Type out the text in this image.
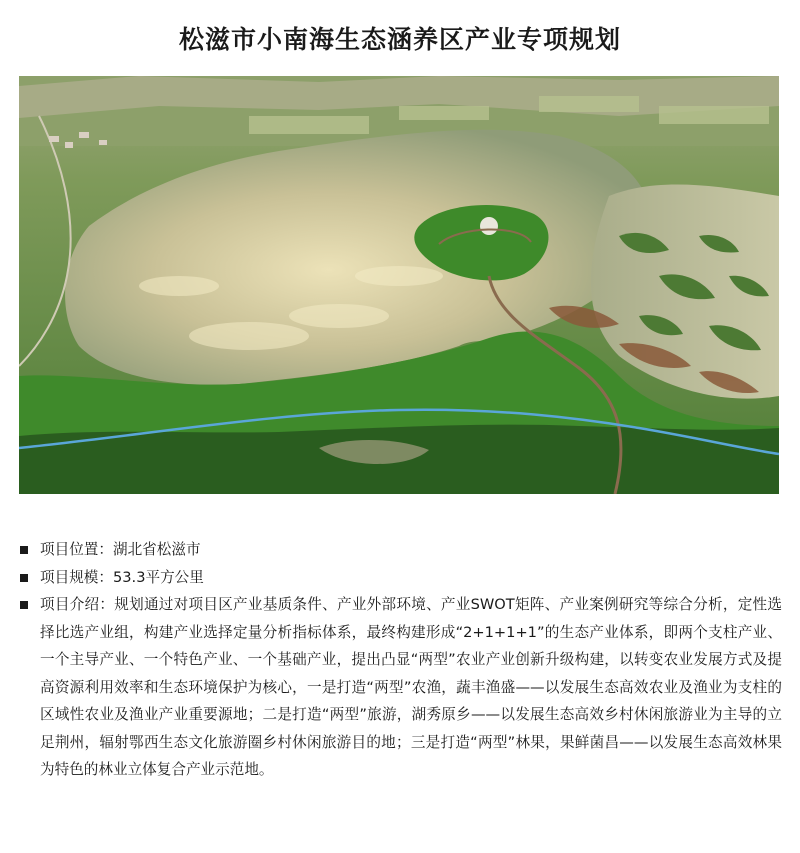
松滋市小南海生态涵养区产业专项规划
项目位置：湖北省松滋市
项目规模：53.3平方公里
项目介绍：规划通过对项目区产业基质条件、产业外部环境、产业SWOT矩阵、产业案例研究等综合分析，定性选择比选产业组，构建产业选择定量分析指标体系，最终构建形成“2+1+1+1”的生态产业体系，即两个支柱产业、一个主导产业、一个特色产业、一个基础产业，提出凸显“两型”农业产业创新升级构建，以转变农业发展方式及提高资源利用效率和生态环境保护为核心，一是打造“两型”农渔，蔬丰渔盛——以发展生态高效农业及渔业为支柱的区域性农业及渔业产业重要源地；二是打造“两型”旅游，湖秀原乡——以发展生态高效乡村休闲旅游业为主导的立足荆州，辐射鄂西生态文化旅游圈乡村休闲旅游目的地；三是打造“两型”林果，果鲜菌昌——以发展生态高效林果为特色的林业立体复合产业示范地。
